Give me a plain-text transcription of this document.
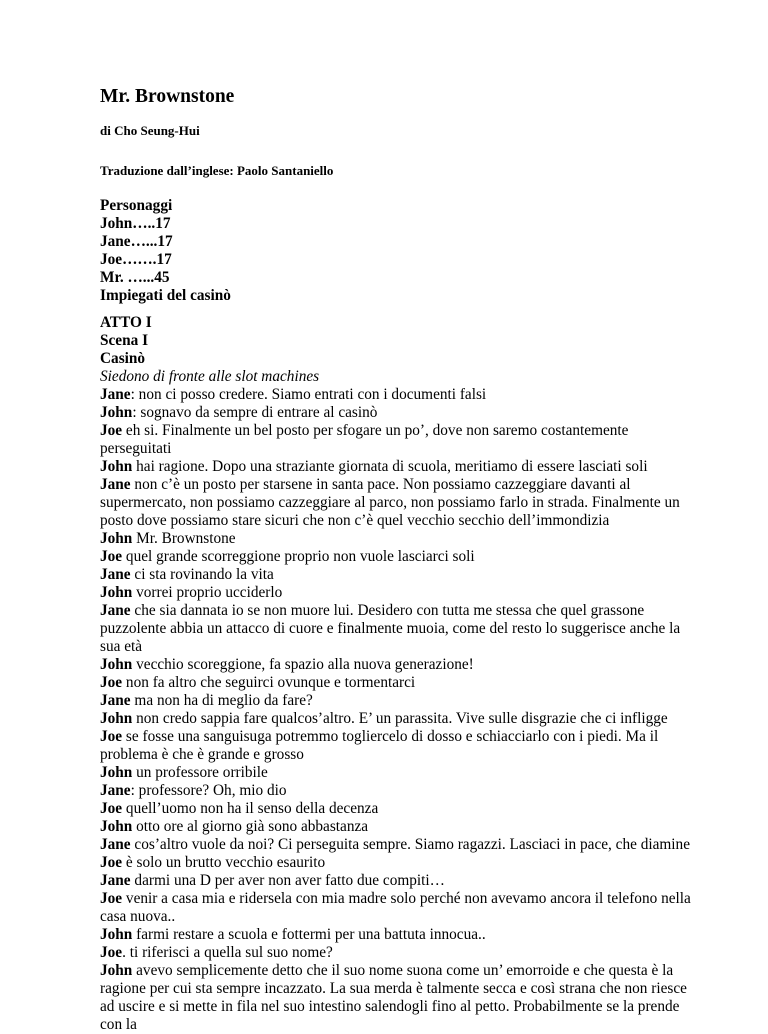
Mr. Brownstone
di Cho Seung-Hui
Traduzione dall’inglese: Paolo Santaniello
Personaggi
John…..17
Jane…...17
Joe…….17
Mr. …...45
Impiegati del casinò
ATTO I
Scena I
Casinò
Siedono di fronte alle slot machines
Jane: non ci posso credere. Siamo entrati con i documenti falsi
John: sognavo da sempre di entrare al casinò
Joe eh si. Finalmente un bel posto per sfogare un po’, dove non saremo costantemente perseguitati
John hai ragione. Dopo una straziante giornata di scuola, meritiamo di essere lasciati soli
Jane non c’è un posto per starsene in santa pace. Non possiamo cazzeggiare davanti al supermercato, non possiamo cazzeggiare al parco, non possiamo farlo in strada. Finalmente un posto dove possiamo stare sicuri che non c’è quel vecchio secchio dell’immondizia
John Mr. Brownstone
Joe quel grande scorreggione proprio non vuole lasciarci soli
Jane ci sta rovinando la vita
John vorrei proprio ucciderlo
Jane che sia dannata io se non muore lui. Desidero con tutta me stessa che quel grassone puzzolente abbia un attacco di cuore e finalmente muoia, come del resto lo suggerisce anche la sua età
John vecchio scoreggione, fa spazio alla nuova generazione!
Joe non fa altro che seguirci ovunque e tormentarci
Jane ma non ha di meglio da fare?
John non credo sappia fare qualcos’altro. E’ un parassita. Vive sulle disgrazie che ci infligge
Joe se fosse una sanguisuga potremmo togliercelo di dosso e schiacciarlo con i piedi. Ma il problema è che è grande e grosso
John un professore orribile
Jane: professore? Oh, mio dio
Joe quell’uomo non ha il senso della decenza
John otto ore al giorno già sono abbastanza
Jane cos’altro vuole da noi? Ci perseguita sempre. Siamo ragazzi. Lasciaci in pace, che diamine
Joe è solo un brutto vecchio esaurito
Jane darmi una D per aver non aver fatto due compiti…
Joe venir a casa mia e ridersela con mia madre solo perché non avevamo ancora il telefono nella casa nuova..
John farmi restare a scuola e fottermi per una battuta innocua..
Joe. ti riferisci a quella sul suo nome?
John avevo semplicemente detto che il suo nome suona come un’ emorroide e che questa è la ragione per cui sta sempre incazzato. La sua merda è talmente secca e così strana che non riesce ad uscire e si mette in fila nel suo intestino salendogli fino al petto. Probabilmente se la prende con la
